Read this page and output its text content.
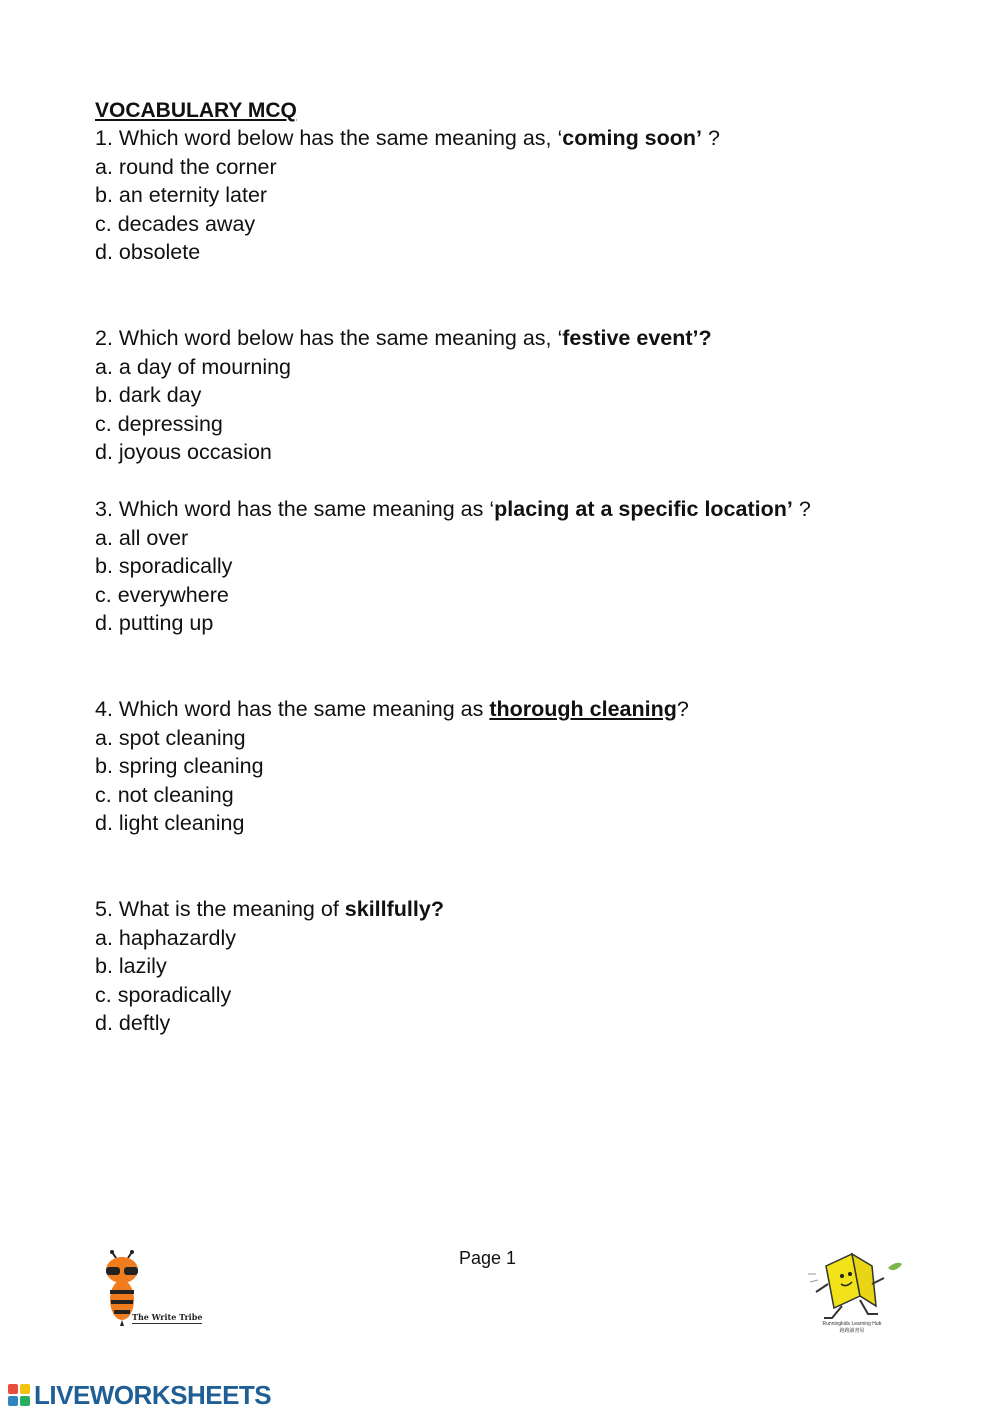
VOCABULARY MCQ
1. Which word below has the same meaning as, ‘coming soon’ ?
a. round the corner
b. an eternity later
c. decades away
d. obsolete
2. Which word below has the same meaning as, ‘festive event’?
a. a day of mourning
b. dark day
c. depressing
d. joyous occasion
3. Which word has the same meaning as ‘placing at a specific location’ ?
a. all over
b. sporadically
c. everywhere
d. putting up
4. Which word has the same meaning as thorough cleaning?
a. spot cleaning
b. spring cleaning
c. not cleaning
d. light cleaning
5. What is the meaning of skillfully?
a. haphazardly
b. lazily
c. sporadically
d. deftly
Page 1
The Write Tribe
Runningkids Learning Hub
跑跑讀書屋
LIVEWORKSHEETS
